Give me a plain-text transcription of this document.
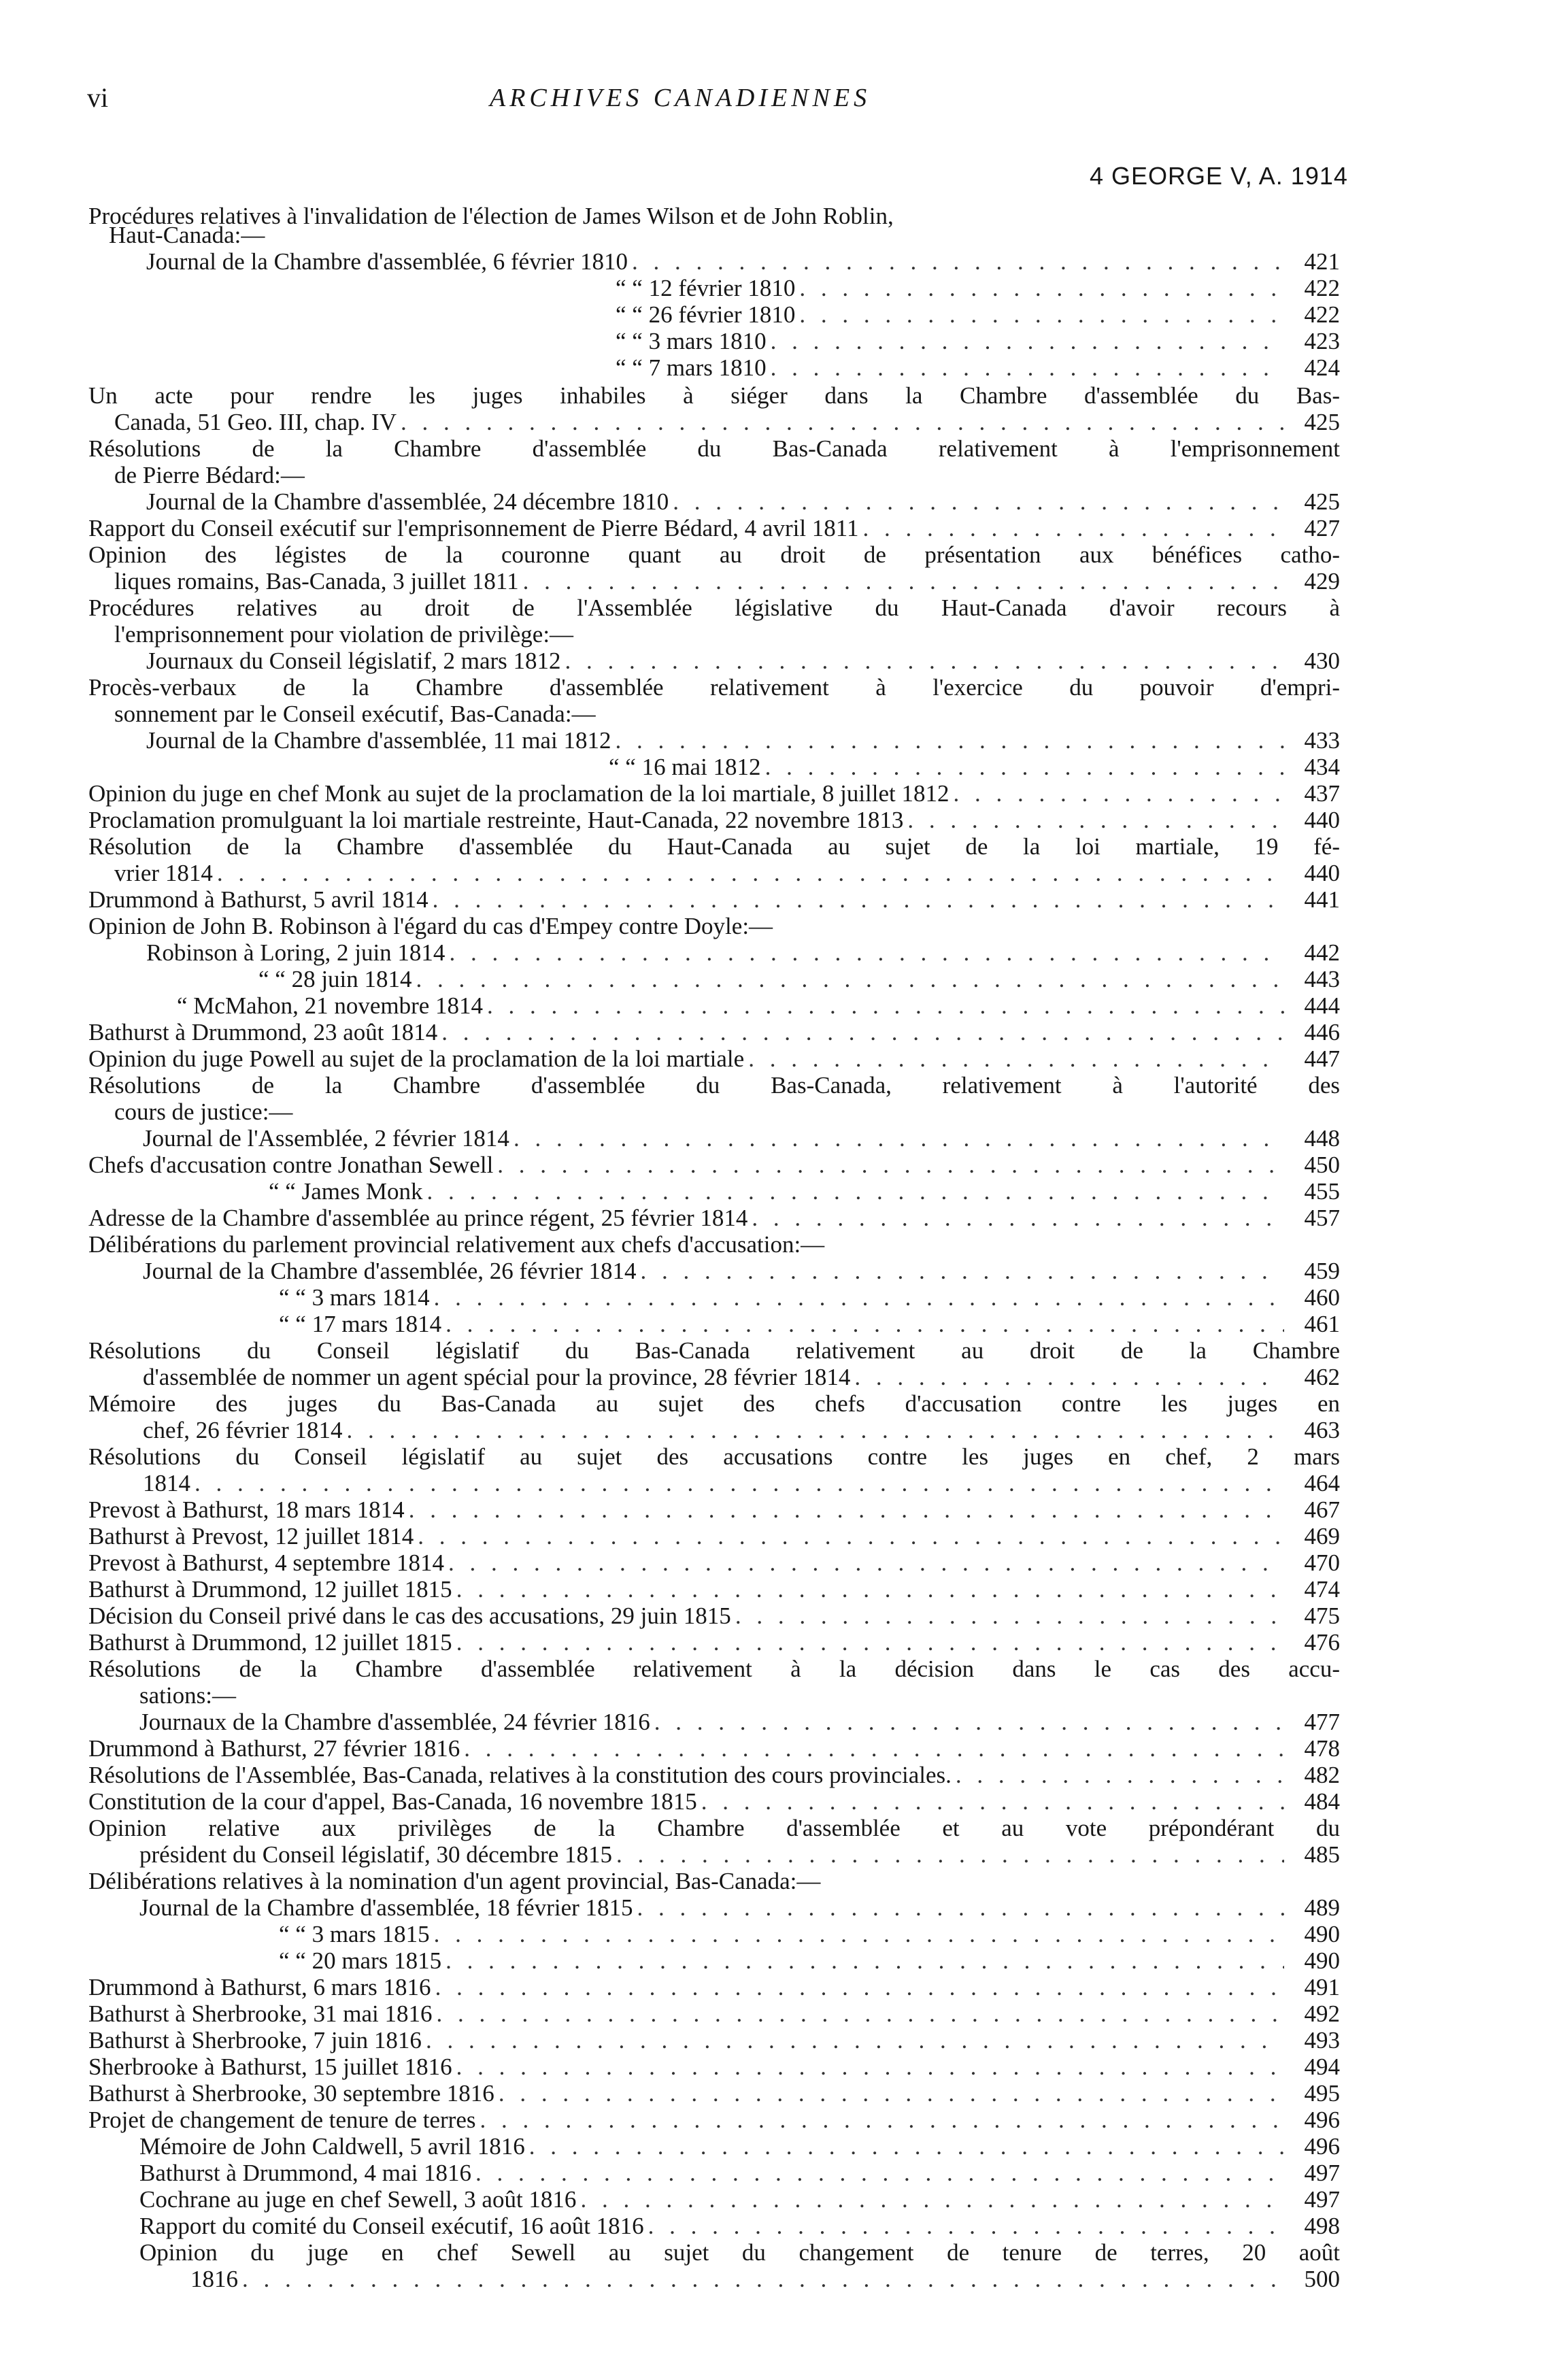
vi	ARCHIVES CANADIENNES
4 GEORGE V, A. 1914
Procédures relatives à l'invalidation de l'élection de James Wilson et de John Roblin,
Haut-Canada:—
Journal de la Chambre d'assemblée, 6 février 1810 . . .	421
“ “ 12 février 1810 . . .	422
“ “ 26 février 1810 . . .	422
“ “ 3 mars 1810 . . .	423
“ “ 7 mars 1810 . . .	424
Un acte pour rendre les juges inhabiles à siéger dans la Chambre d'assemblée du Bas-
Canada, 51 Geo. III, chap. IV . . .	425
Résolutions de la Chambre d'assemblée du Bas-Canada relativement à l'emprisonnement
de Pierre Bédard:—
Journal de la Chambre d'assemblée, 24 décembre 1810 . . .	425
Rapport du Conseil exécutif sur l'emprisonnement de Pierre Bédard, 4 avril 1811 . . .	427
Opinion des légistes de la couronne quant au droit de présentation aux bénéfices catho-
liques romains, Bas-Canada, 3 juillet 1811 . . .	429
Procédures relatives au droit de l'Assemblée législative du Haut-Canada d'avoir recours à
l'emprisonnement pour violation de privilège:—
Journaux du Conseil législatif, 2 mars 1812 . . .	430
Procès-verbaux de la Chambre d'assemblée relativement à l'exercice du pouvoir d'empri-
sonnement par le Conseil exécutif, Bas-Canada:—
Journal de la Chambre d'assemblée, 11 mai 1812 . . .	433
“ “ 16 mai 1812 . . .	434
Opinion du juge en chef Monk au sujet de la proclamation de la loi martiale, 8 juillet 1812 . . .	437
Proclamation promulguant la loi martiale restreinte, Haut-Canada, 22 novembre 1813 . . .	440
Résolution de la Chambre d'assemblée du Haut-Canada au sujet de la loi martiale, 19 fé-
vrier 1814 . . .	440
Drummond à Bathurst, 5 avril 1814 . . .	441
Opinion de John B. Robinson à l'égard du cas d'Empey contre Doyle:—
Robinson à Loring, 2 juin 1814 . . .	442
“ “ 28 juin 1814 . . .	443
“ McMahon, 21 novembre 1814 . . .	444
Bathurst à Drummond, 23 août 1814 . . .	446
Opinion du juge Powell au sujet de la proclamation de la loi martiale . . .	447
Résolutions de la Chambre d'assemblée du Bas-Canada, relativement à l'autorité des
cours de justice:—
Journal de l'Assemblée, 2 février 1814 . . .	448
Chefs d'accusation contre Jonathan Sewell . . .	450
“ “ James Monk . . .	455
Adresse de la Chambre d'assemblée au prince régent, 25 février 1814 . . .	457
Délibérations du parlement provincial relativement aux chefs d'accusation:—
Journal de la Chambre d'assemblée, 26 février 1814 . . .	459
“ “ 3 mars 1814 . . .	460
“ “ 17 mars 1814 . . .	461
Résolutions du Conseil législatif du Bas-Canada relativement au droit de la Chambre
d'assemblée de nommer un agent spécial pour la province, 28 février 1814 . . .	462
Mémoire des juges du Bas-Canada au sujet des chefs d'accusation contre les juges en
chef, 26 février 1814 . . .	463
Résolutions du Conseil législatif au sujet des accusations contre les juges en chef, 2 mars
1814 . . .	464
Prevost à Bathurst, 18 mars 1814 . . .	467
Bathurst à Prevost, 12 juillet 1814 . . .	469
Prevost à Bathurst, 4 septembre 1814 . . .	470
Bathurst à Drummond, 12 juillet 1815 . . .	474
Décision du Conseil privé dans le cas des accusations, 29 juin 1815 . . .	475
Bathurst à Drummond, 12 juillet 1815 . . .	476
Résolutions de la Chambre d'assemblée relativement à la décision dans le cas des accu-
sations:—
Journaux de la Chambre d'assemblée, 24 février 1816 . . .	477
Drummond à Bathurst, 27 février 1816 . . .	478
Résolutions de l'Assemblée, Bas-Canada, relatives à la constitution des cours provinciales. . . .	482
Constitution de la cour d'appel, Bas-Canada, 16 novembre 1815 . . .	484
Opinion relative aux privilèges de la Chambre d'assemblée et au vote prépondérant du
président du Conseil législatif, 30 décembre 1815 . . .	485
Délibérations relatives à la nomination d'un agent provincial, Bas-Canada:—
Journal de la Chambre d'assemblée, 18 février 1815 . . .	489
“ “ 3 mars 1815 . . .	490
“ “ 20 mars 1815 . . .	490
Drummond à Bathurst, 6 mars 1816 . . .	491
Bathurst à Sherbrooke, 31 mai 1816 . . .	492
Bathurst à Sherbrooke, 7 juin 1816 . . .	493
Sherbrooke à Bathurst, 15 juillet 1816 . . .	494
Bathurst à Sherbrooke, 30 septembre 1816 . . .	495
Projet de changement de tenure de terres . . .	496
Mémoire de John Caldwell, 5 avril 1816 . . .	496
Bathurst à Drummond, 4 mai 1816 . . .	497
Cochrane au juge en chef Sewell, 3 août 1816 . . .	497
Rapport du comité du Conseil exécutif, 16 août 1816 . . .	498
Opinion du juge en chef Sewell au sujet du changement de tenure de terres, 20 août
1816 . . .	500
